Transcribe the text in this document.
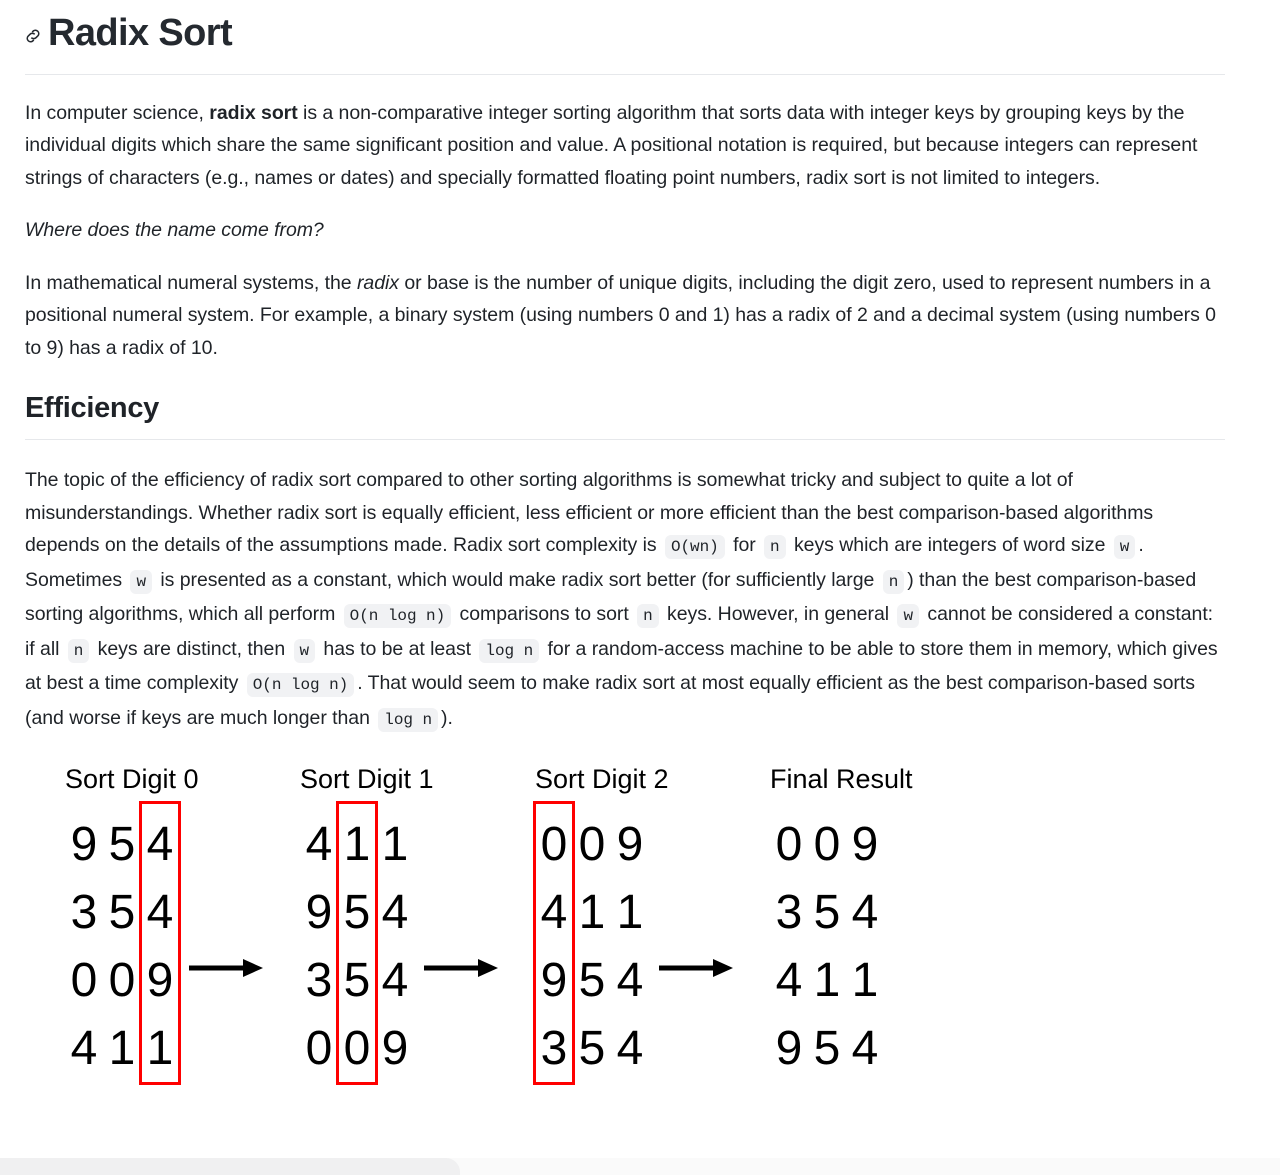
Radix Sort

In computer science, radix sort is a non-comparative integer sorting algorithm that sorts data with integer keys by grouping keys by the individual digits which share the same significant position and value. A positional notation is required, but because integers can represent strings of characters (e.g., names or dates) and specially formatted floating point numbers, radix sort is not limited to integers.

Where does the name come from?

In mathematical numeral systems, the radix or base is the number of unique digits, including the digit zero, used to represent numbers in a positional numeral system. For example, a binary system (using numbers 0 and 1) has a radix of 2 and a decimal system (using numbers 0 to 9) has a radix of 10.

Efficiency

The topic of the efficiency of radix sort compared to other sorting algorithms is somewhat tricky and subject to quite a lot of misunderstandings. Whether radix sort is equally efficient, less efficient or more efficient than the best comparison-based algorithms depends on the details of the assumptions made. Radix sort complexity is O(wn) for n keys which are integers of word size w . Sometimes w is presented as a constant, which would make radix sort better (for sufficiently large n ) than the best comparison-based sorting algorithms, which all perform O(n log n) comparisons to sort n keys. However, in general w cannot be considered a constant: if all n keys are distinct, then w has to be at least log n for a random-access machine to be able to store them in memory, which gives at best a time complexity O(n log n) . That would seem to make radix sort at most equally efficient as the best comparison-based sorts (and worse if keys are much longer than log n ).

Sort Digit 0
9 5 4
3 5 4
0 0 9
4 1 1
Sort Digit 1
4 1 1
9 5 4
3 5 4
0 0 9
Sort Digit 2
0 0 9
4 1 1
9 5 4
3 5 4
Final Result
0 0 9
3 5 4
4 1 1
9 5 4
